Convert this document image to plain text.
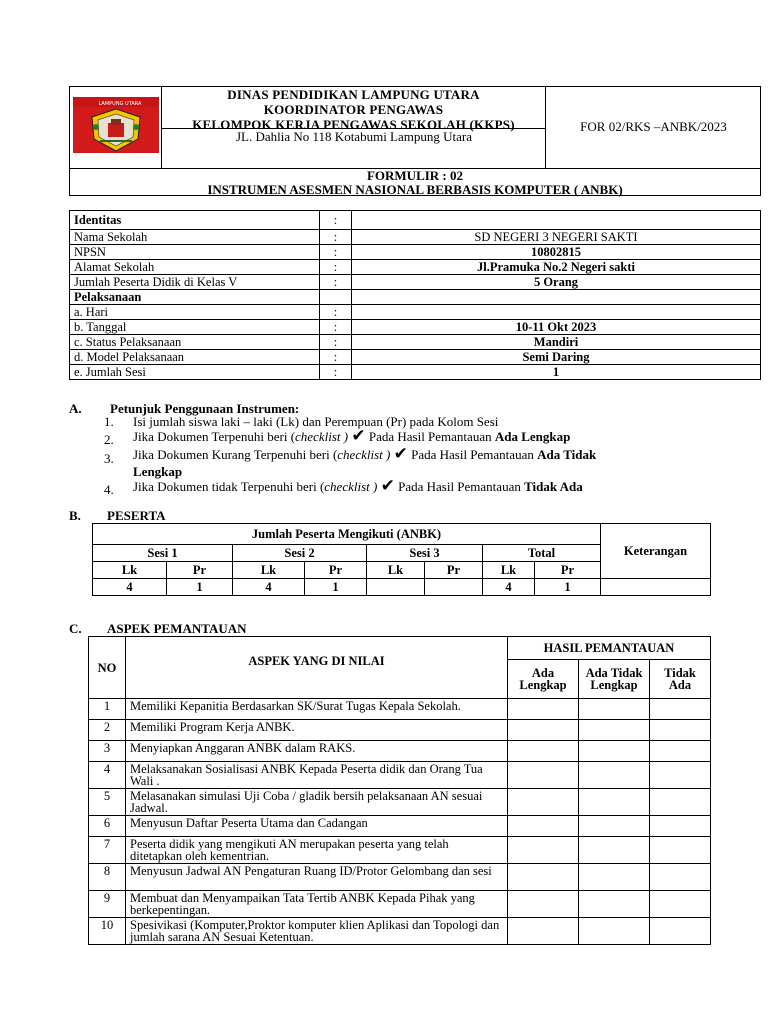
LAMPUNG UTARA
DINAS PENDIDIKAN LAMPUNG UTARA
KOORDINATOR PENGAWAS
KELOMPOK KERJA PENGAWAS SEKOLAH (KKPS)
JL. Dahlia No 118 Kotabumi Lampung Utara
FOR 02/RKS –ANBK/2023
FORMULIR : 02
INSTRUMEN ASESMEN NASIONAL BERBASIS KOMPUTER ( ANBK)
Identitas	:	
Nama Sekolah	:	SD NEGERI 3 NEGERI SAKTI
NPSN	:	10802815
Alamat Sekolah	:	Jl.Pramuka No.2 Negeri sakti
Jumlah Peserta Didik di Kelas V	:	5 Orang
Pelaksanaan		
a. Hari	:	
b. Tanggal	:	10-11 Okt 2023
c. Status Pelaksanaan	:	Mandiri
d. Model Pelaksanaan	:	Semi Daring
e. Jumlah Sesi	:	1
A. Petunjuk Penggunaan Instrumen:
1. Isi jumlah siswa laki – laki (Lk) dan Perempuan (Pr) pada Kolom Sesi
2. Jika Dokumen Terpenuhi beri (checklist ) ✔ Pada Hasil Pemantauan Ada Lengkap
3. Jika Dokumen Kurang Terpenuhi beri (checklist ) ✔ Pada Hasil Pemantauan Ada Tidak
Lengkap
4. Jika Dokumen tidak Terpenuhi beri (checklist ) ✔ Pada Hasil Pemantauan Tidak Ada
B. PESERTA
Jumlah Peserta Mengikuti (ANBK)								Keterangan
Sesi 1		Sesi 2		Sesi 3		Total		
Lk	Pr	Lk	Pr	Lk	Pr	Lk	Pr	
4	1	4	1			4	1	
C. ASPEK PEMANTAUAN
NO	ASPEK YANG DI NILAI	HASIL PEMANTAUAN		
		Ada Lengkap	Ada Tidak Lengkap	Tidak Ada
1	Memiliki Kepanitia Berdasarkan SK/Surat Tugas Kepala Sekolah.			
2	Memiliki Program Kerja ANBK.			
3	Menyiapkan Anggaran ANBK dalam RAKS.			
4	Melaksanakan Sosialisasi ANBK Kepada Peserta didik dan Orang Tua Wali .			
5	Melasanakan simulasi Uji Coba / gladik bersih pelaksanaan AN sesuai Jadwal.			
6	Menyusun Daftar Peserta Utama dan Cadangan			
7	Peserta didik yang mengikuti AN merupakan peserta yang telah ditetapkan oleh kementrian.			
8	Menyusun Jadwal AN Pengaturan Ruang ID/Protor Gelombang dan sesi			
9	Membuat dan Menyampaikan Tata Tertib ANBK Kepada Pihak yang berkepentingan.			
10	Spesivikasi (Komputer,Proktor komputer klien Aplikasi dan Topologi dan jumlah sarana AN Sesuai Ketentuan.			
